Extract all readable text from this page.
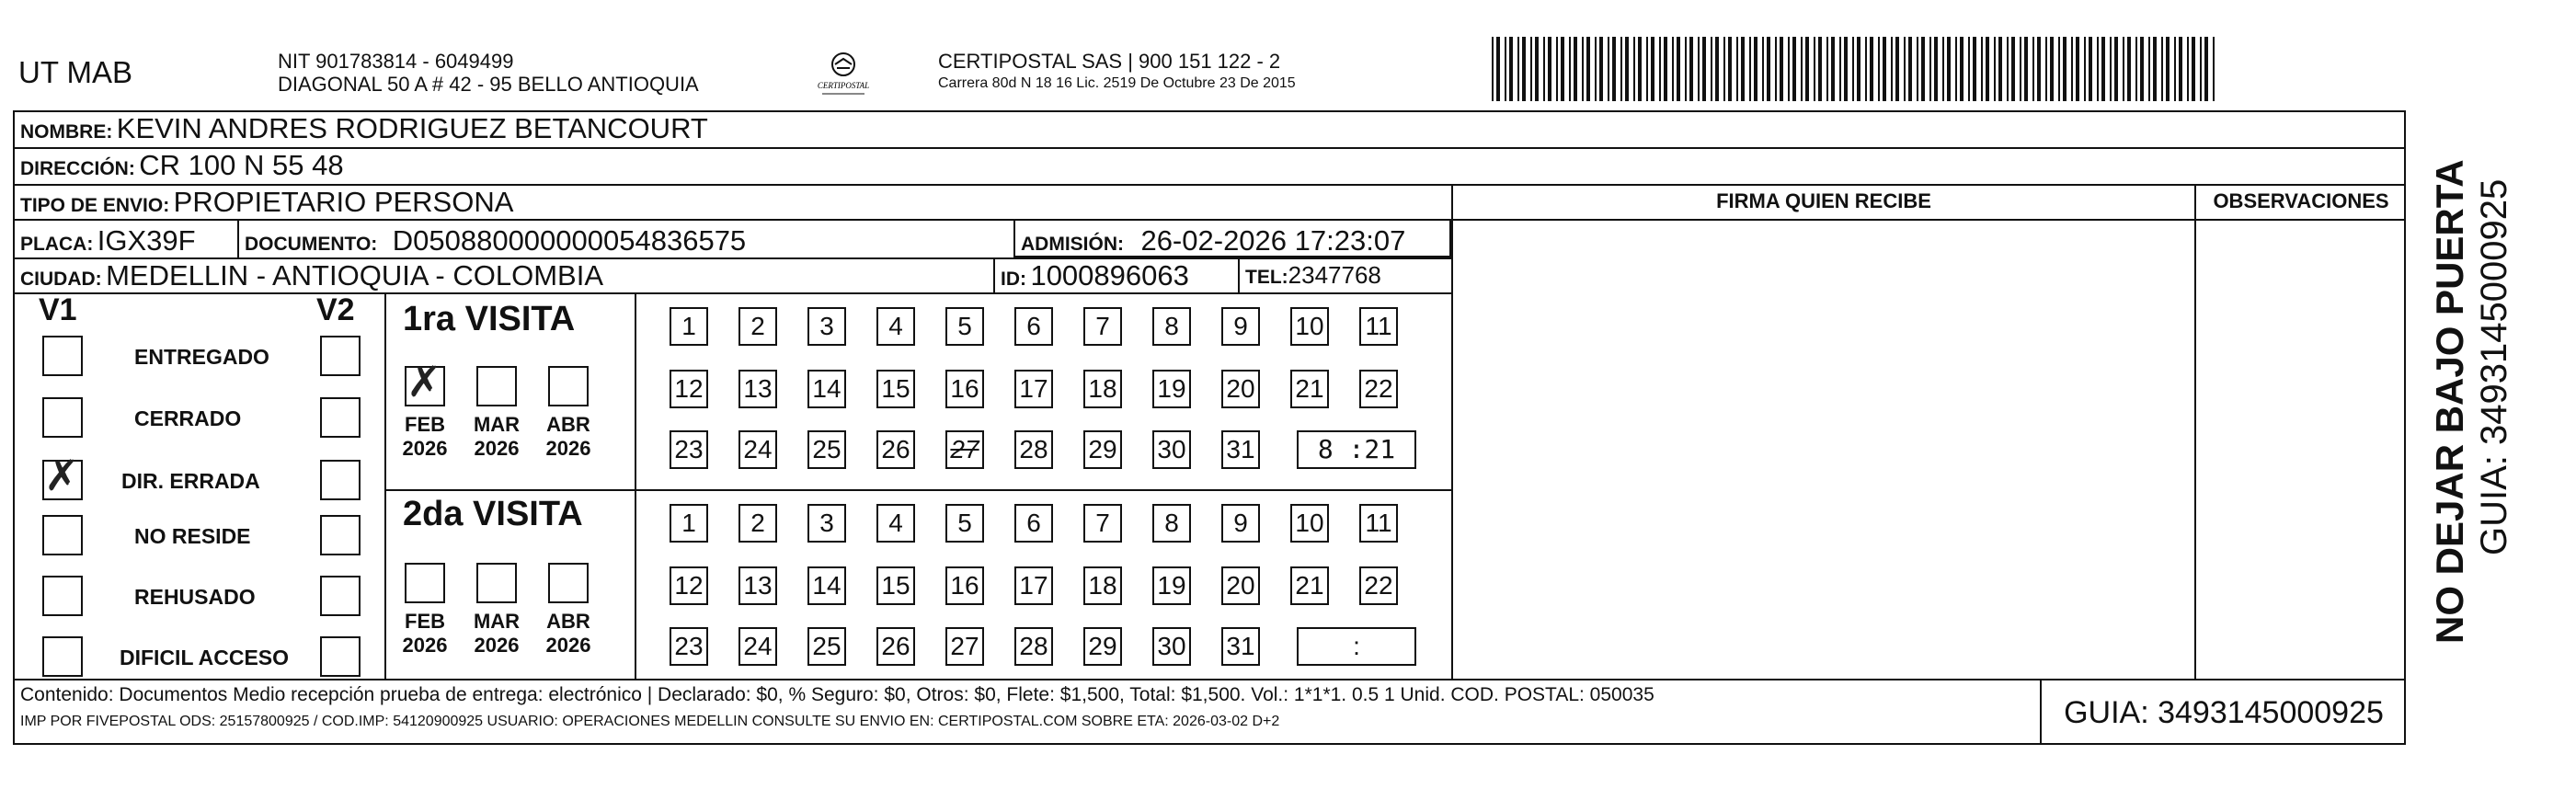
UT MAB	NIT 901783814 - 6049499
DIAGONAL 50 A # 42 - 95 BELLO ANTIOQUIA	CERTIPOSTAL
CERTIPOSTAL SAS | 900 151 122 - 2
Carrera 80d N 18 16 Lic. 2519 De Octubre 23 De 2015
NOMBRE: KEVIN ANDRES RODRIGUEZ BETANCOURT
DIRECCIÓN: CR 100 N 55 48
TIPO DE ENVIO: PROPIETARIO PERSONA	FIRMA QUIEN RECIBE	OBSERVACIONES
PLACA: IGX39F	DOCUMENTO: D050880000000054836575	ADMISIÓN: 26-02-2026 17:23:07
CIUDAD: MEDELLIN - ANTIOQUIA - COLOMBIA	ID: 1000896063	TEL:2347768
V1	V2
ENTREGADO
CERRADO
✗ DIR. ERRADA
NO RESIDE
REHUSADO
DIFICIL ACCESO
1ra VISITA
2da VISITA
✗
FEB
2026
MAR
2026
ABR
2026
1	2	3	4	5	6	7	8	9	10 11
12 13 14 15 16 17 18 19 20 21 22
23 24 25 26 27 28 29 30 31	8 :21
FEB
2026
MAR
2026
ABR
2026
1	2	3	4	5	6	7	8	9	10 11
12 13 14 15 16 17 18 19 20 21 22
23 24 25 26 27 28 29 30 31	:
Contenido: Documentos Medio recepción prueba de entrega: electrónico | Declarado: $0, % Seguro: $0, Otros: $0, Flete: $1,500, Total: $1,500. Vol.: 1*1*1. 0.5 1 Unid. COD. POSTAL: 050035
IMP POR FIVEPOSTAL ODS: 25157800925 / COD.IMP: 54120900925 USUARIO: OPERACIONES MEDELLIN CONSULTE SU ENVIO EN: CERTIPOSTAL.COM SOBRE ETA: 2026-03-02 D+2	GUIA: 3493145000925
NO DEJAR BAJO PUERTA GUIA: 3493145000925
